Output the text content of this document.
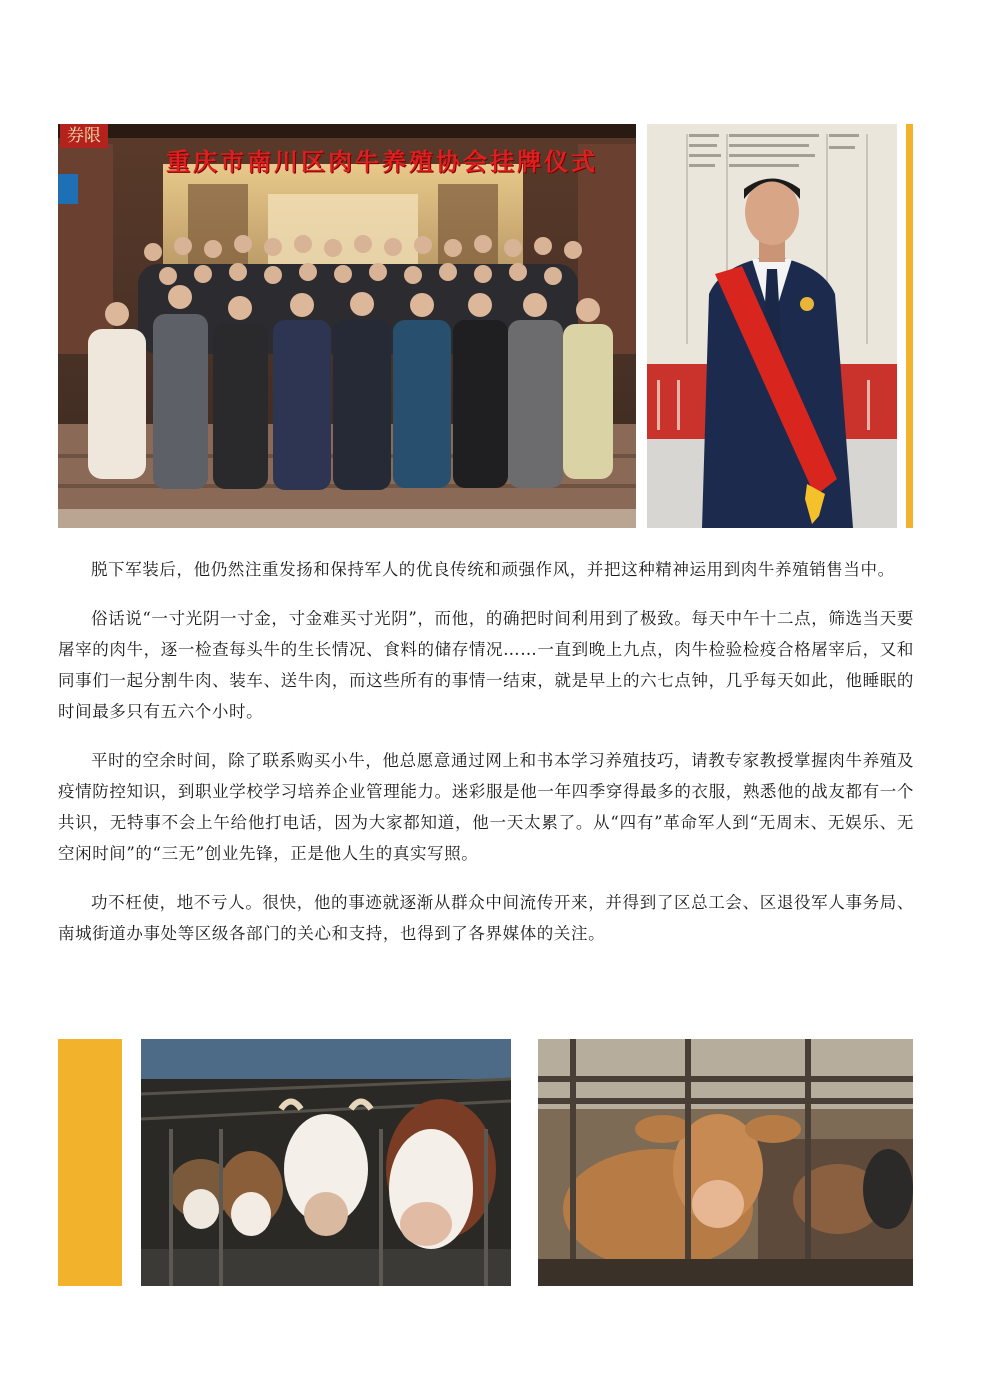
券限
重庆市南川区肉牛养殖协会挂牌仪式

脱下军装后，他仍然注重发扬和保持军人的优良传统和顽强作风，并把这种精神运用到肉牛养殖销售当中。

俗话说“一寸光阴一寸金，寸金难买寸光阴”，而他，的确把时间利用到了极致。每天中午十二点，筛选当天要屠宰的肉牛，逐一检查每头牛的生长情况、食料的储存情况……一直到晚上九点，肉牛检验检疫合格屠宰后，又和同事们一起分割牛肉、装车、送牛肉，而这些所有的事情一结束，就是早上的六七点钟，几乎每天如此，他睡眠的时间最多只有五六个小时。

平时的空余时间，除了联系购买小牛，他总愿意通过网上和书本学习养殖技巧，请教专家教授掌握肉牛养殖及疫情防控知识，到职业学校学习培养企业管理能力。迷彩服是他一年四季穿得最多的衣服，熟悉他的战友都有一个共识，无特事不会上午给他打电话，因为大家都知道，他一天太累了。从“四有”革命军人到“无周末、无娱乐、无空闲时间”的“三无”创业先锋，正是他人生的真实写照。

功不枉使，地不亏人。很快，他的事迹就逐渐从群众中间流传开来，并得到了区总工会、区退役军人事务局、南城街道办事处等区级各部门的关心和支持，也得到了各界媒体的关注。
